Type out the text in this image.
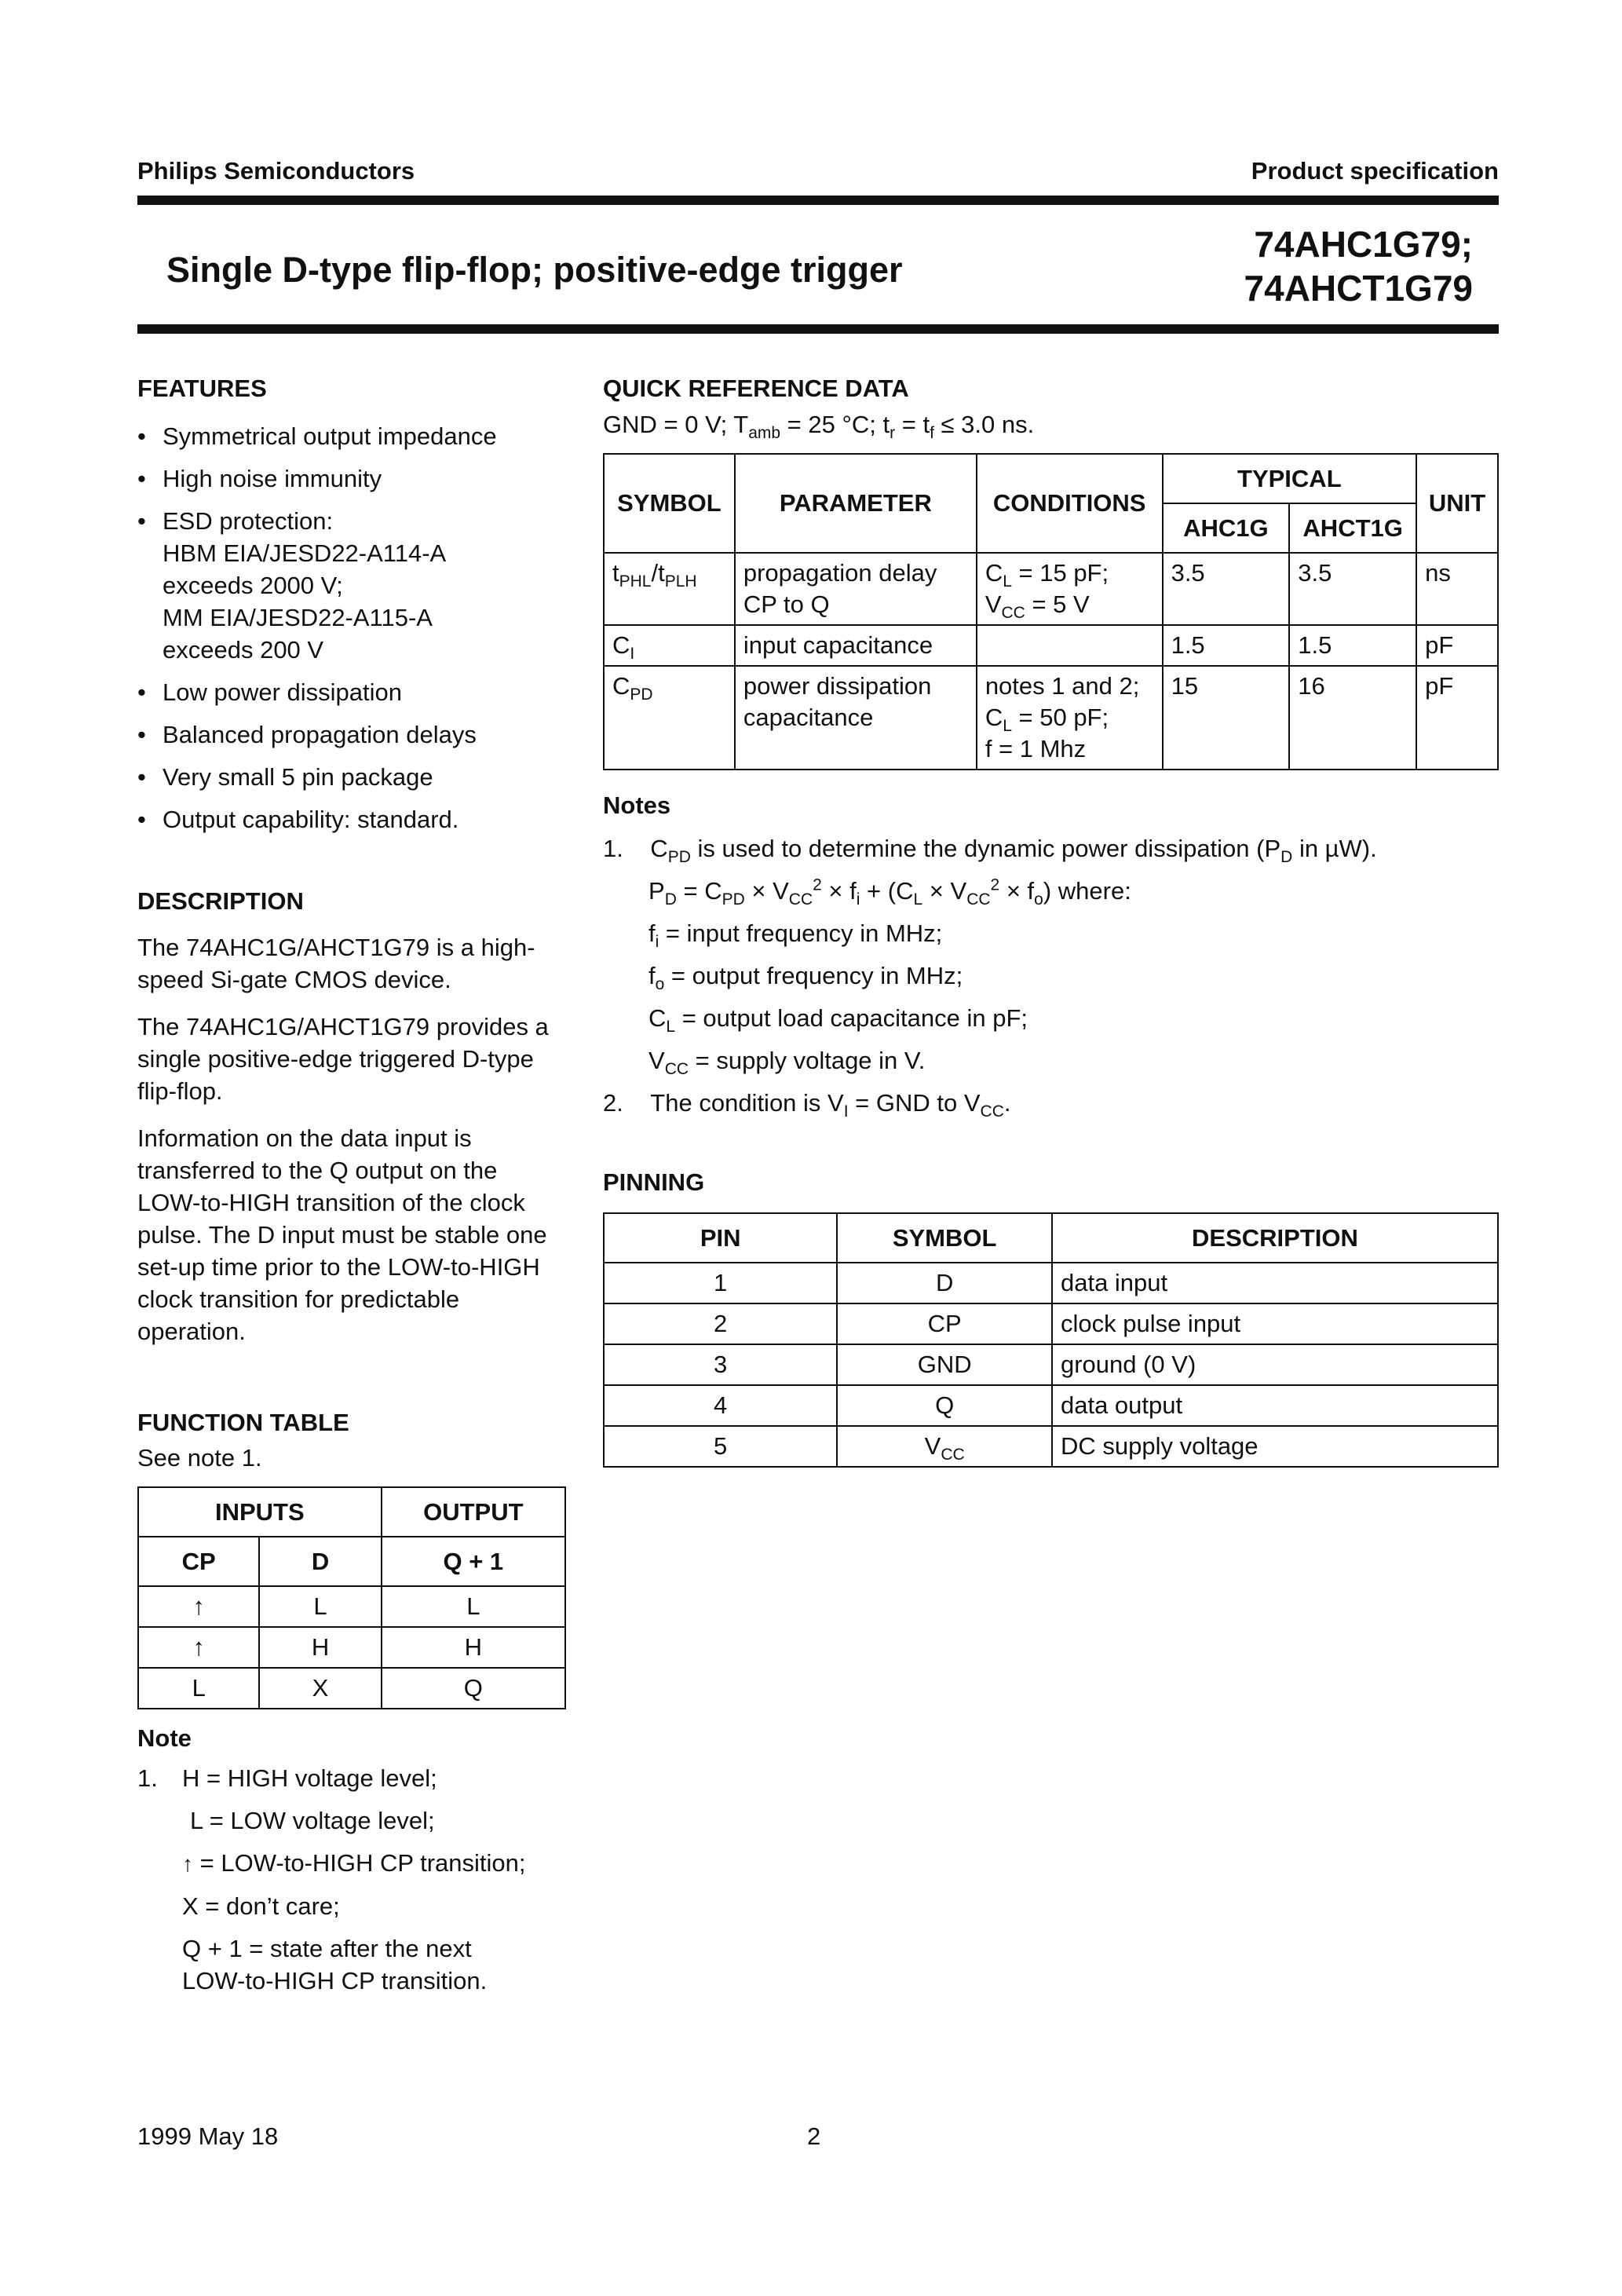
Philips Semiconductors	Product specification
Single D-type flip-flop; positive-edge trigger
74AHC1G79;
74AHCT1G79
FEATURES
• Symmetrical output impedance
• High noise immunity
• ESD protection:
HBM EIA/JESD22-A114-A
exceeds 2000 V;
MM EIA/JESD22-A115-A
exceeds 200 V
• Low power dissipation
• Balanced propagation delays
• Very small 5 pin package
• Output capability: standard.
DESCRIPTION

The 74AHC1G/AHCT1G79 is a high-speed Si-gate CMOS device.

The 74AHC1G/AHCT1G79 provides a single positive-edge triggered D-type flip-flop.

Information on the data input is transferred to the Q output on the LOW-to-HIGH transition of the clock pulse. The D input must be stable one set-up time prior to the LOW-to-HIGH clock transition for predictable operation.

FUNCTION TABLE
See note 1.
INPUTS		OUTPUT
CP	D	Q + 1
↑	L	L
↑	H	H
L	X	Q
Note
1. H = HIGH voltage level;
L = LOW voltage level;
↑ = LOW-to-HIGH CP transition;
X = don’t care;
Q + 1 = state after the next
LOW-to-HIGH CP transition.
QUICK REFERENCE DATA
GND = 0 V; $T_{amb} = 25$ °C; $t_r = t_f \le 3.0$ ns.
SYMBOL	PARAMETER	CONDITIONS	TYPICAL		UNIT
			AHC1G	AHCT1G	
$t_{PHL}/t_{PLH}$	propagation delay CP to Q	$C_L = 15$ pF;
$V_{CC} = 5$ V	3.5	3.5	ns
$C_I$	input capacitance		1.5	1.5	pF
$C_{PD}$	power dissipation capacitance	notes 1 and 2;
$C_L = 50$ pF;
f = 1 Mhz	15	16	pF
Notes
1.    $C_{PD}$ is used to determine the dynamic power dissipation ($P_D$ in µW).
$P_D = C_{PD} \times V_{CC}^2 \times f_i + (C_L \times V_{CC}^2 \times f_o)$ where:
$f_i$ = input frequency in MHz;
$f_o$ = output frequency in MHz;
$C_L$ = output load capacitance in pF;
$V_{CC}$ = supply voltage in V.
2.    The condition is $V_I$ = GND to $V_{CC}$.
PINNING
PIN	SYMBOL	DESCRIPTION
1	D	data input
2	CP	clock pulse input
3	GND	ground (0 V)
4	Q	data output
5	$V_{CC}$	DC supply voltage
1999 May 18	2
